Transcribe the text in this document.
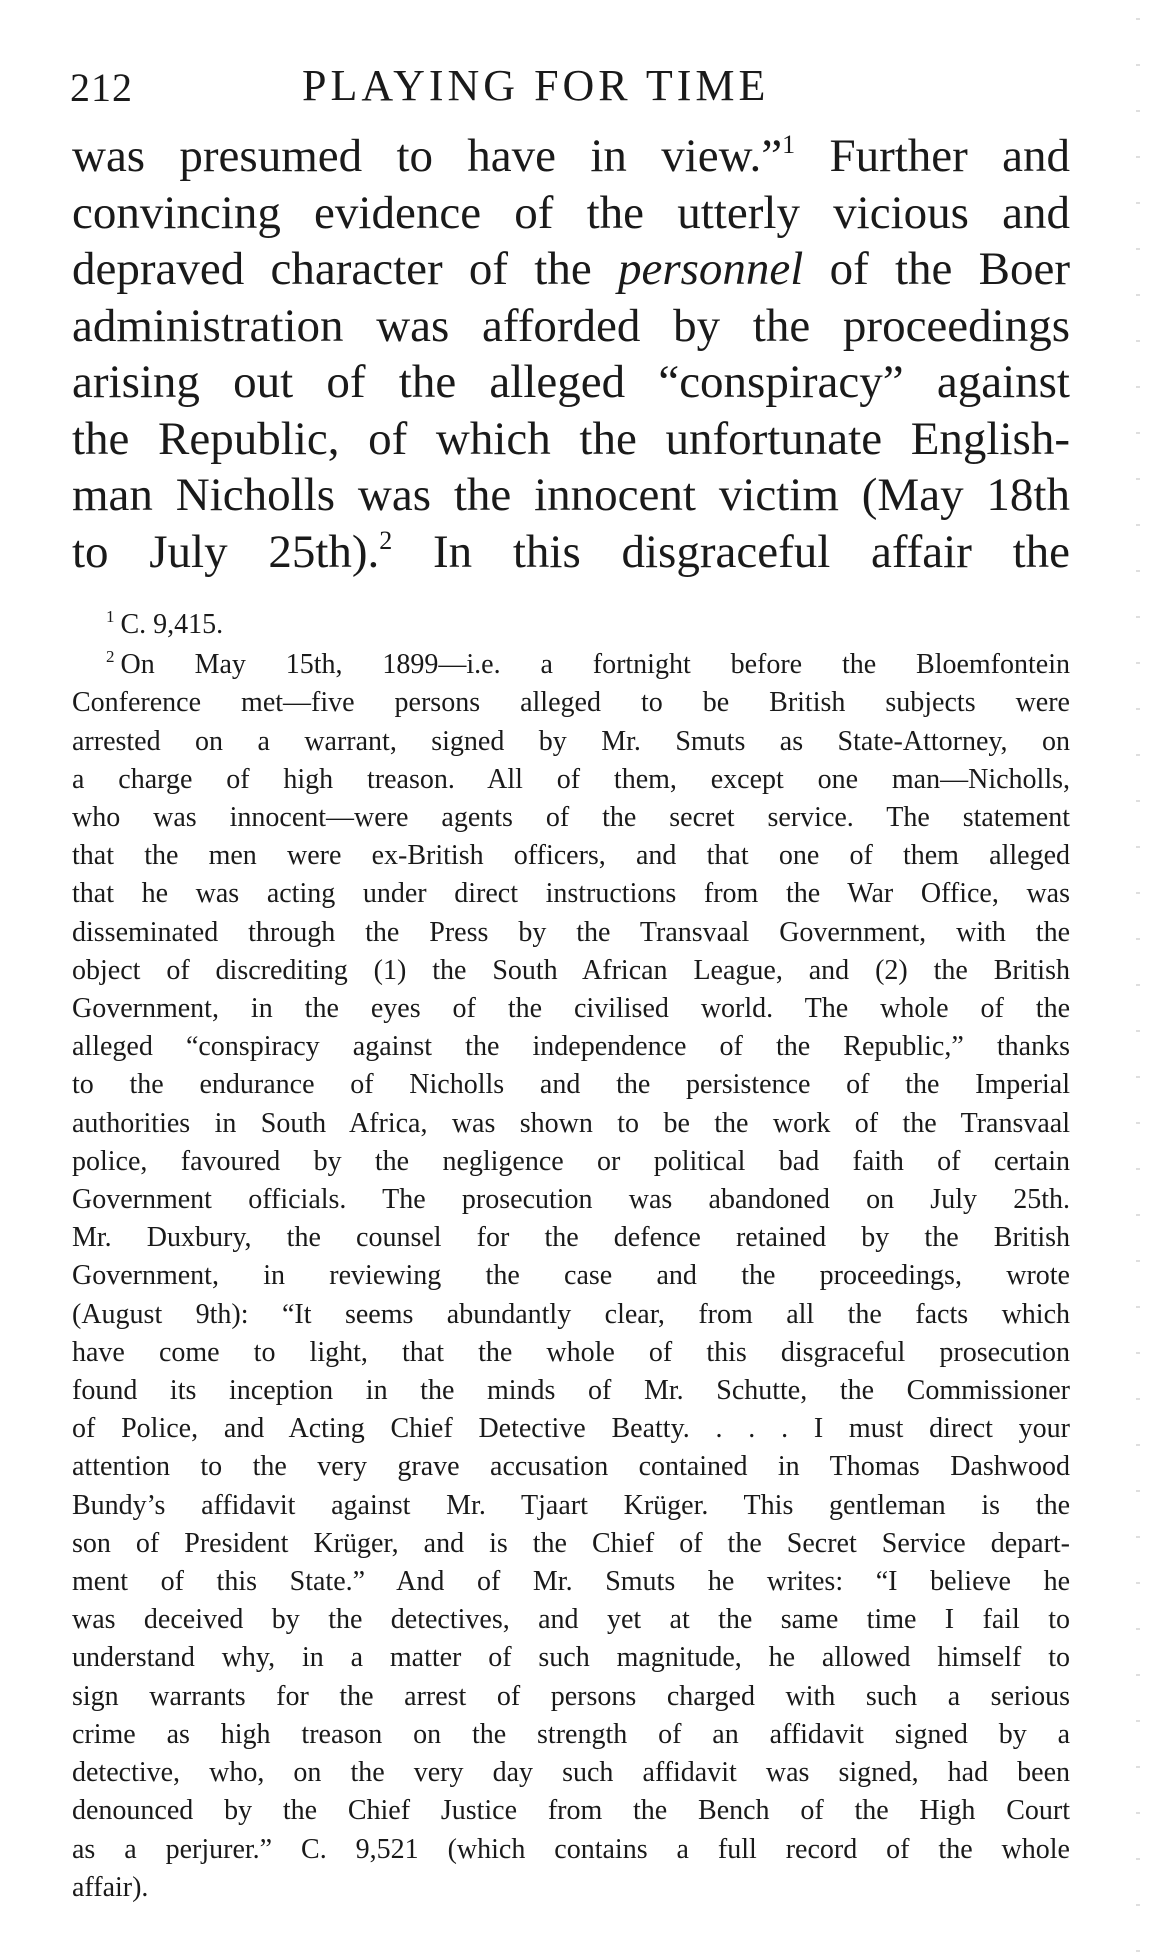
212	PLAYING FOR TIME
was presumed to have in view.”$^1$ Further and
convincing evidence of the utterly vicious and
depraved character of the personnel of the Boer
administration was afforded by the proceedings
arising out of the alleged “conspiracy” against
the Republic, of which the unfortunate English-
man Nicholls was the innocent victim (May 18th
to July 25th).$^2$ In this disgraceful affair the
$^1$ C. 9,415.
$^2$ On May 15th, 1899—i.e. a fortnight before the Bloemfontein
Conference met—five persons alleged to be British subjects were
arrested on a warrant, signed by Mr. Smuts as State-Attorney, on
a charge of high treason. All of them, except one man—Nicholls,
who was innocent—were agents of the secret service. The statement
that the men were ex-British officers, and that one of them alleged
that he was acting under direct instructions from the War Office, was
disseminated through the Press by the Transvaal Government, with the
object of discrediting (1) the South African League, and (2) the British
Government, in the eyes of the civilised world. The whole of the
alleged “conspiracy against the independence of the Republic,” thanks
to the endurance of Nicholls and the persistence of the Imperial
authorities in South Africa, was shown to be the work of the Transvaal
police, favoured by the negligence or political bad faith of certain
Government officials. The prosecution was abandoned on July 25th.
Mr. Duxbury, the counsel for the defence retained by the British
Government, in reviewing the case and the proceedings, wrote
(August 9th): “It seems abundantly clear, from all the facts which
have come to light, that the whole of this disgraceful prosecution
found its inception in the minds of Mr. Schutte, the Commissioner
of Police, and Acting Chief Detective Beatty. . . . I must direct your
attention to the very grave accusation contained in Thomas Dashwood
Bundy’s affidavit against Mr. Tjaart Krüger. This gentleman is the
son of President Krüger, and is the Chief of the Secret Service depart-
ment of this State.” And of Mr. Smuts he writes: “I believe he
was deceived by the detectives, and yet at the same time I fail to
understand why, in a matter of such magnitude, he allowed himself to
sign warrants for the arrest of persons charged with such a serious
crime as high treason on the strength of an affidavit signed by a
detective, who, on the very day such affidavit was signed, had been
denounced by the Chief Justice from the Bench of the High Court
as a perjurer.” C. 9,521 (which contains a full record of the whole
affair).
